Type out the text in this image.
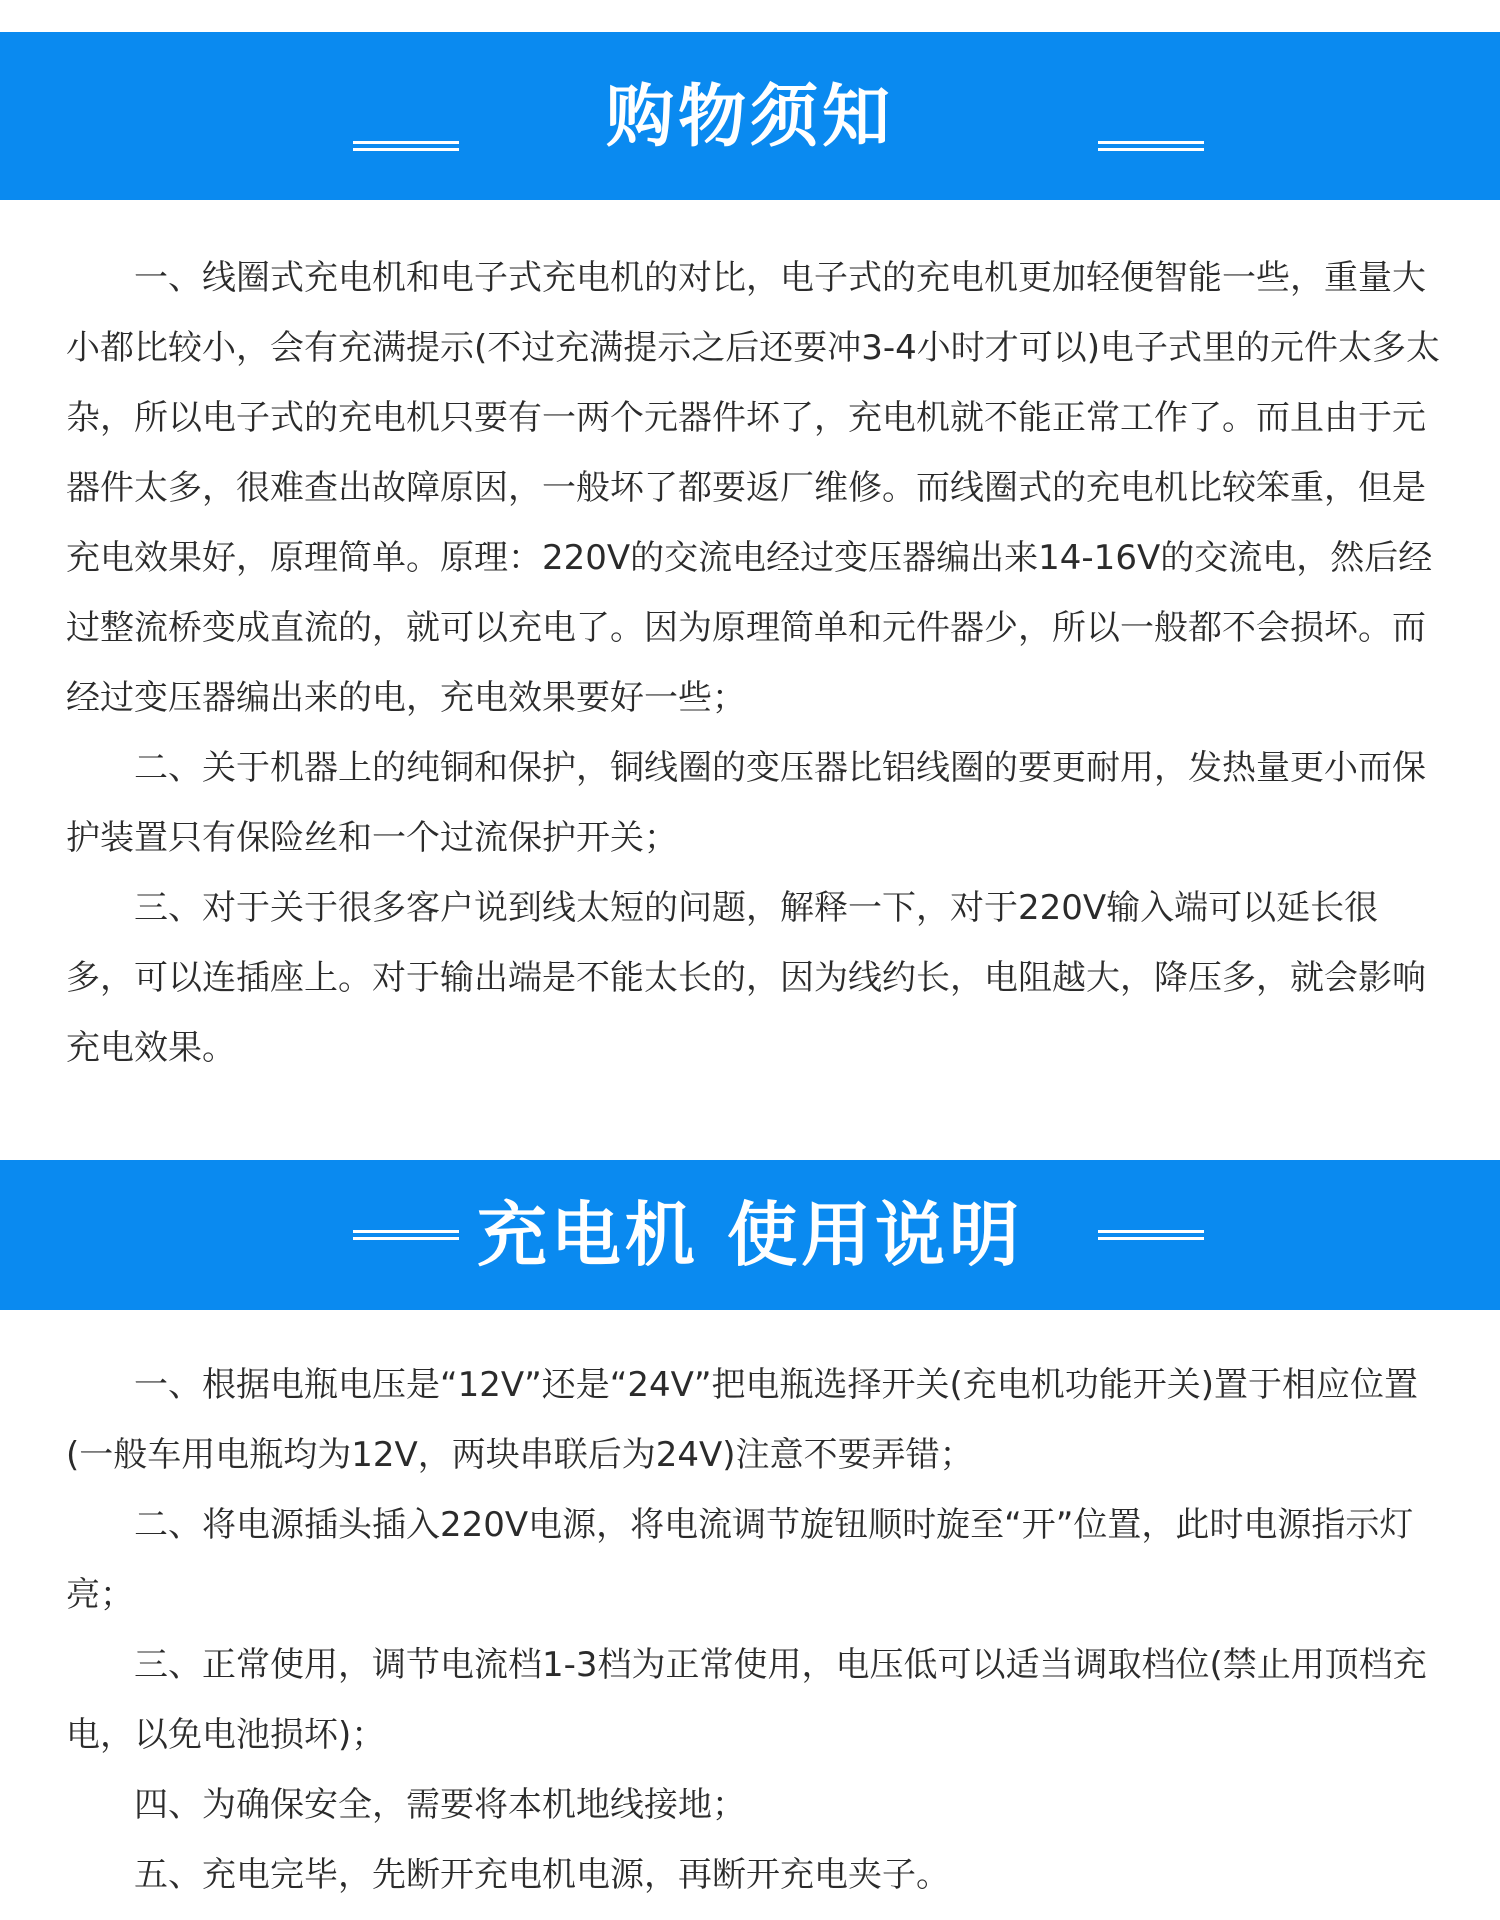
购物须知

一、线圈式充电机和电子式充电机的对比，电子式的充电机更加轻便智能一些，重量大小都比较小，会有充满提示(不过充满提示之后还要冲3-4小时才可以)电子式里的元件太多太杂，所以电子式的充电机只要有一两个元器件坏了，充电机就不能正常工作了。而且由于元器件太多，很难查出故障原因，一般坏了都要返厂维修。而线圈式的充电机比较笨重，但是充电效果好，原理简单。原理：220V的交流电经过变压器编出来14-16V的交流电，然后经过整流桥变成直流的，就可以充电了。因为原理简单和元件器少，所以一般都不会损坏。而经过变压器编出来的电，充电效果要好一些；

二、关于机器上的纯铜和保护，铜线圈的变压器比铝线圈的要更耐用，发热量更小而保护装置只有保险丝和一个过流保护开关；

三、对于关于很多客户说到线太短的问题，解释一下，对于220V输入端可以延长很多，可以连插座上。对于输出端是不能太长的，因为线约长，电阻越大，降压多，就会影响充电效果。

充电机 使用说明

一、根据电瓶电压是“12V”还是“24V”把电瓶选择开关(充电机功能开关)置于相应位置(一般车用电瓶均为12V，两块串联后为24V)注意不要弄错；

二、将电源插头插入220V电源，将电流调节旋钮顺时旋至“开”位置，此时电源指示灯亮；

三、正常使用，调节电流档1-3档为正常使用，电压低可以适当调取档位(禁止用顶档充电，以免电池损坏)；

四、为确保安全，需要将本机地线接地；

五、充电完毕，先断开充电机电源，再断开充电夹子。
